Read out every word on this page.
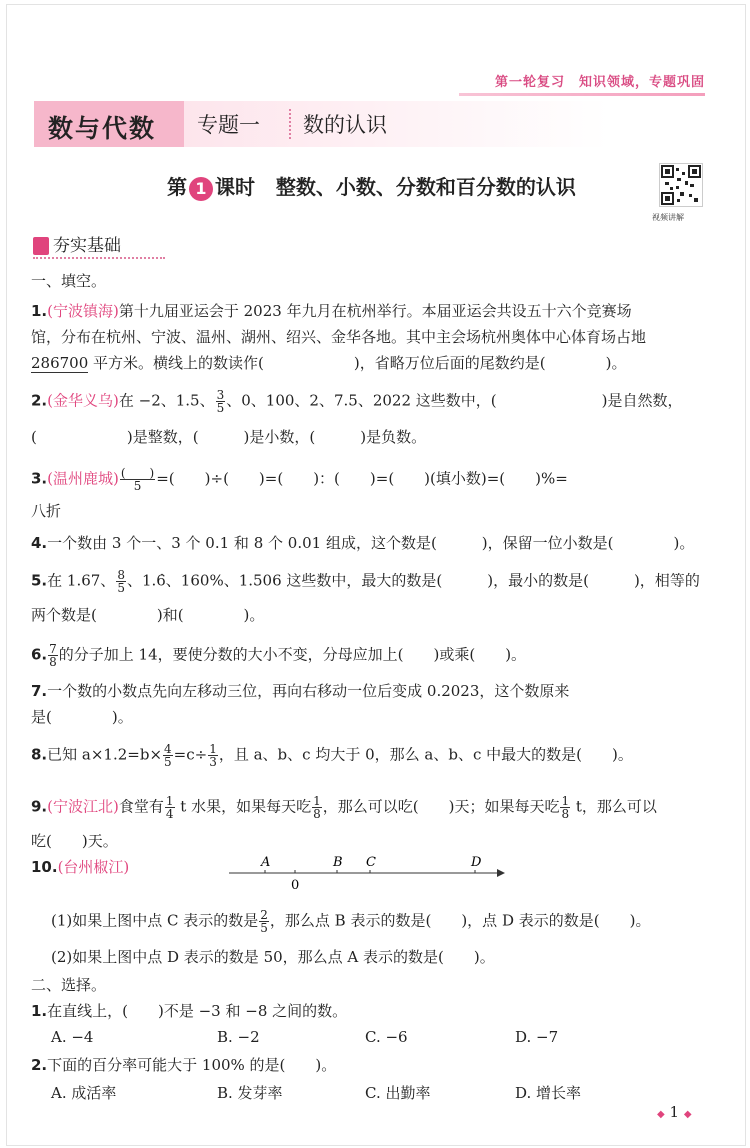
第一轮复习　知识领域，专题巩固
数与代数 专题一 数的认识
第 1 课时 整数、小数、分数和百分数的认识
视频讲解
夯实基础
一、填空。
1.(宁波镇海)第十九届亚运会于 2023 年九月在杭州举行。本届亚运会共设五十六个竞赛场
馆，分布在杭州、宁波、温州、湖州、绍兴、金华各地。其中主会场杭州奥体中心体育场占地
286700 平方米。横线上的数读作(　　　　　　)，省略万位后面的尾数约是(　　　　)。
2.(金华义乌)在 −2、1.5、 $\frac{3}{5}$ 、0、100、2、7.5、2022 这些数中，(　　　　　　　)是自然数，
(　　　　　　)是整数，(　　　)是小数，(　　　)是负数。
3.(温州鹿城) $\frac{( )}{5}$ =(　　)÷(　　)=(　　)：(　　)=(　　)(填小数)=(　　)%=
八折
4.一个数由 3 个一、3 个 0.1 和 8 个 0.01 组成，这个数是(　　　)，保留一位小数是(　　　　)。
5.在 1.67、 $\frac{8}{5}$ 、1.6̇、160%、1.506 这些数中，最大的数是(　　　)，最小的数是(　　　)，相等的
两个数是(　　　　)和(　　　　)。
6. $\frac{7}{8}$ 的分子加上 14，要使分数的大小不变，分母应加上(　　)或乘(　　)。
7.一个数的小数点先向左移动三位，再向右移动一位后变成 0.2023，这个数原来
是(　　　　)。
8.已知 $a\times 1.2=b\times \frac{4}{5} =c\div \frac{1}{3}$ ，且 a、b、c 均大于 0，那么 a、b、c 中最大的数是(　　)。
9.(宁波江北)食堂有 $\frac{1}{4}$ t 水果，如果每天吃 $\frac{1}{8}$ ，那么可以吃(　　)天；如果每天吃 $\frac{1}{8}$ t，那么可以
吃(　　)天。
10.(台州椒江)	A	B C	D
0
(1)如果上图中点 C 表示的数是 $\frac{2}{5}$ ，那么点 B 表示的数是(　　)，点 D 表示的数是(　　)。
(2)如果上图中点 D 表示的数是 50，那么点 A 表示的数是(　　)。
二、选择。
1.在直线上，(　　)不是 −3 和 −8 之间的数。
A. −4	B. −2	C. −6	D. −7
2.下面的百分率可能大于 100% 的是(　　)。
A. 成活率	B. 发芽率	C. 出勤率	D. 增长率
◆ 1 ◆
